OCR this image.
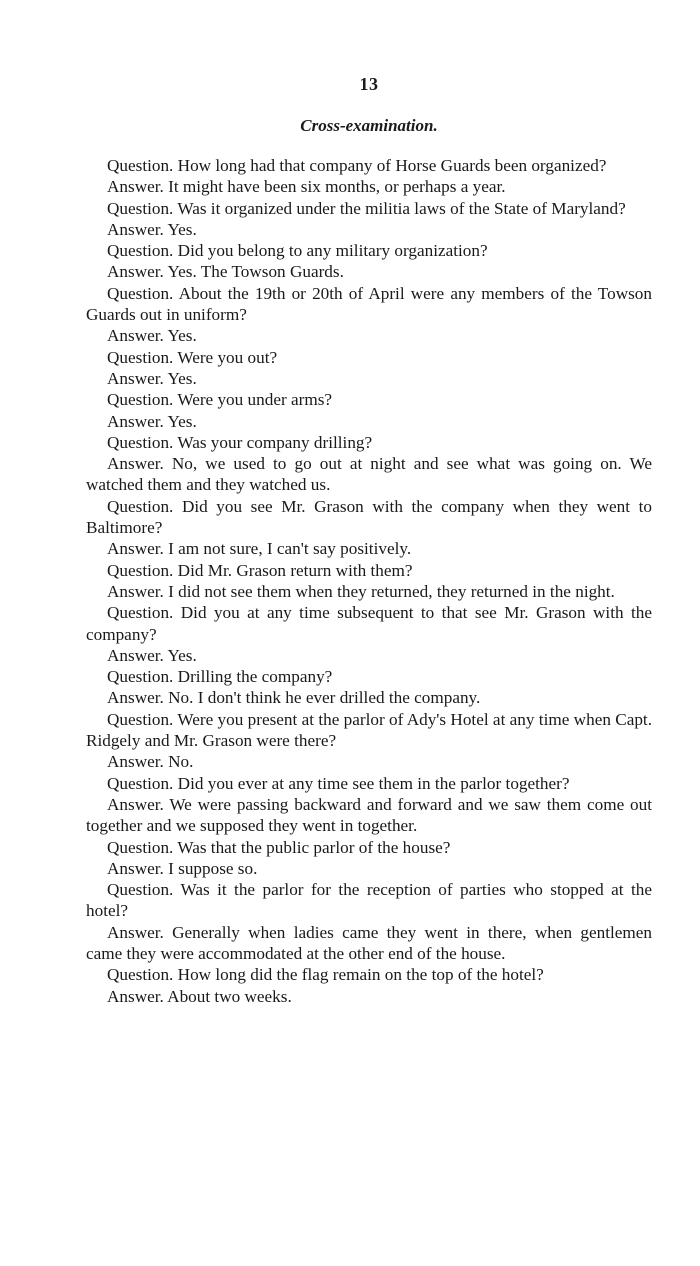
13
Cross-examination.

Question. How long had that company of Horse Guards been organized?

Answer. It might have been six months, or perhaps a year.

Question. Was it organized under the militia laws of the State of Maryland?

Answer. Yes.

Question. Did you belong to any military organization?

Answer. Yes. The Towson Guards.

Question. About the 19th or 20th of April were any members of the Towson Guards out in uniform?

Answer. Yes.

Question. Were you out?

Answer. Yes.

Question. Were you under arms?

Answer. Yes.

Question. Was your company drilling?

Answer. No, we used to go out at night and see what was going on. We watched them and they watched us.

Question. Did you see Mr. Grason with the company when they went to Baltimore?

Answer. I am not sure, I can't say positively.

Question. Did Mr. Grason return with them?

Answer. I did not see them when they returned, they returned in the night.

Question. Did you at any time subsequent to that see Mr. Grason with the company?

Answer. Yes.

Question. Drilling the company?

Answer. No. I don't think he ever drilled the company.

Question. Were you present at the parlor of Ady's Hotel at any time when Capt. Ridgely and Mr. Grason were there?

Answer. No.

Question. Did you ever at any time see them in the parlor together?

Answer. We were passing backward and forward and we saw them come out together and we supposed they went in together.

Question. Was that the public parlor of the house?

Answer. I suppose so.

Question. Was it the parlor for the reception of parties who stopped at the hotel?

Answer. Generally when ladies came they went in there, when gentlemen came they were accommodated at the other end of the house.

Question. How long did the flag remain on the top of the hotel?

Answer. About two weeks.
